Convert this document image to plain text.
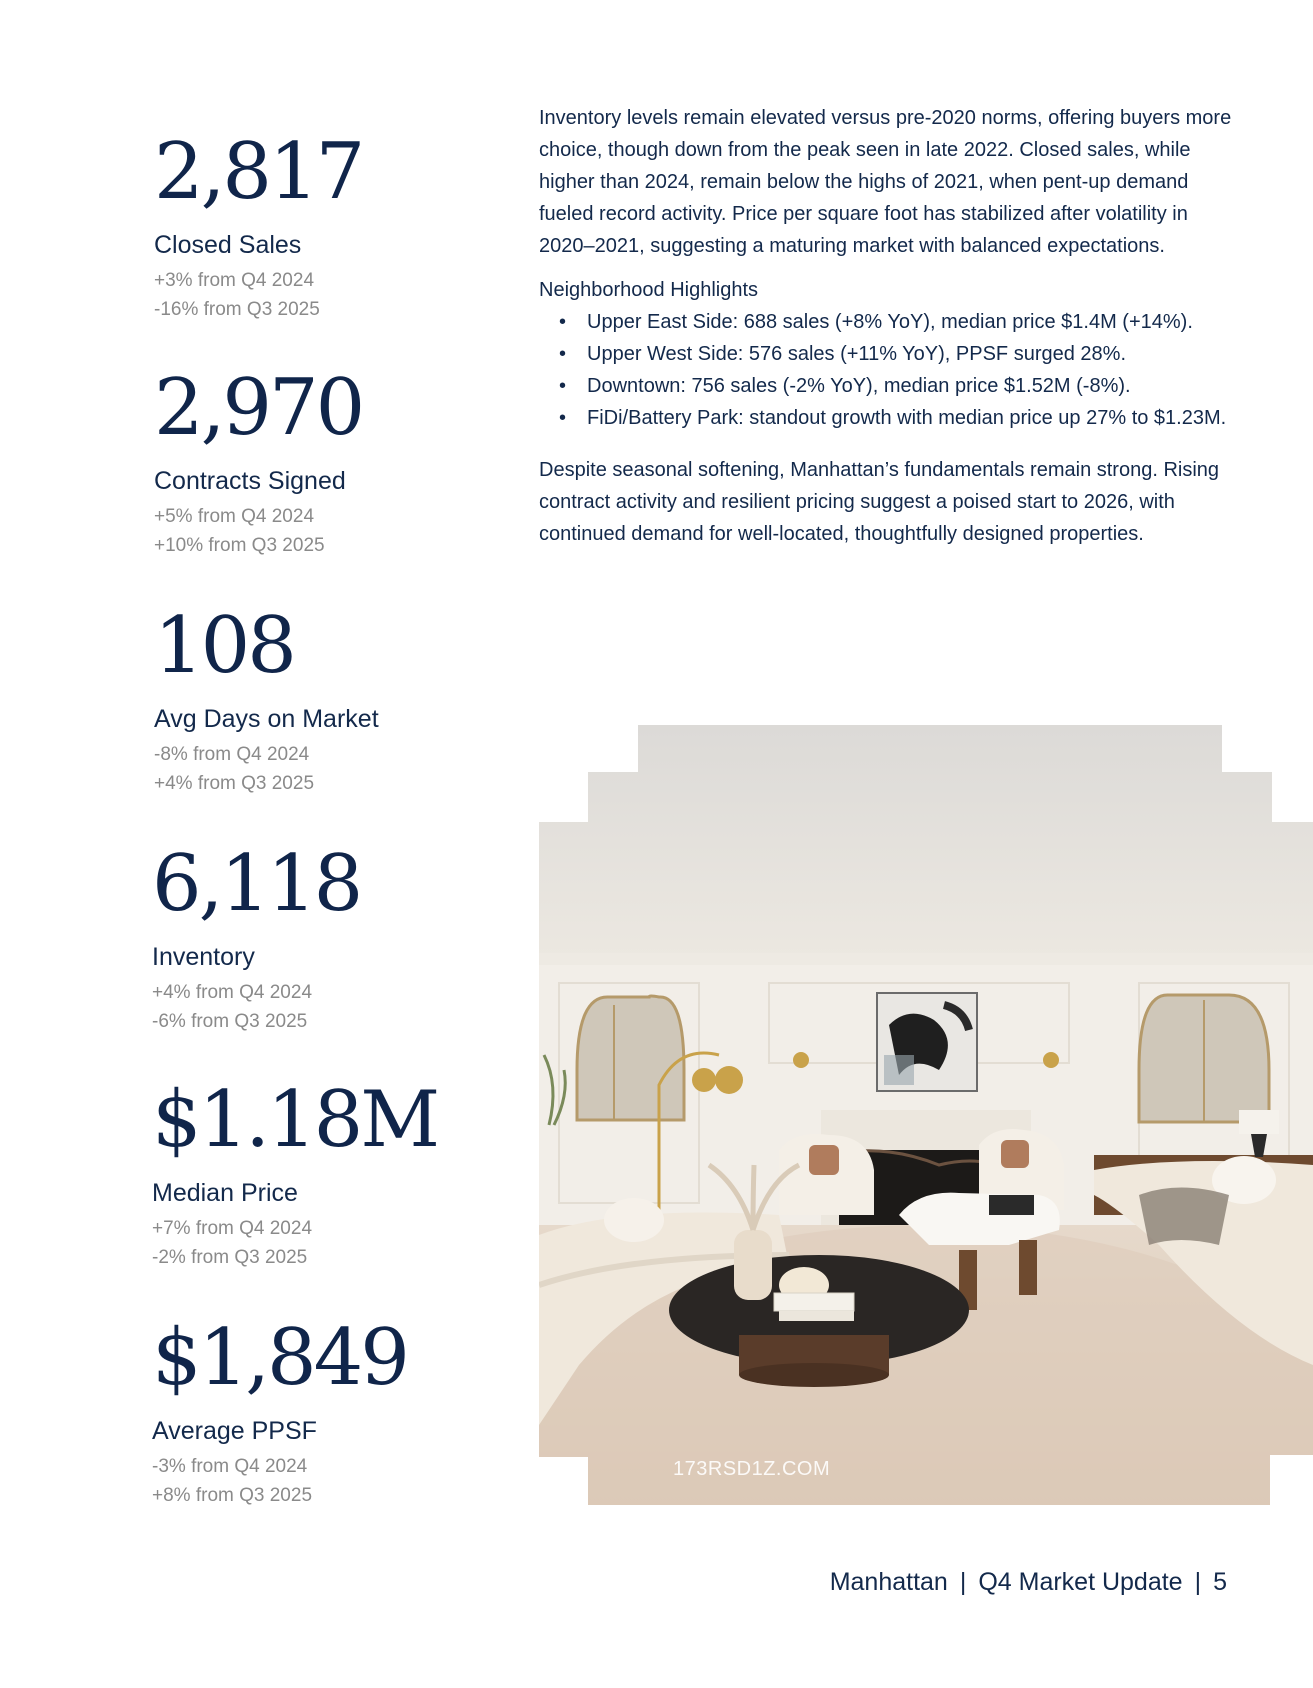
2,817
Closed Sales
+3% from Q4 2024
-16% from Q3 2025
2,970
Contracts Signed
+5% from Q4 2024
+10% from Q3 2025
108
Avg Days on Market
-8% from Q4 2024
+4% from Q3 2025
6,118
Inventory
+4% from Q4 2024
-6% from Q3 2025
$1.18M
Median Price
+7% from Q4 2024
-2% from Q3 2025
$1,849
Average PPSF
-3% from Q4 2024
+8% from Q3 2025

Inventory levels remain elevated versus pre-2020 norms, offering buyers more choice, though down from the peak seen in late 2022. Closed sales, while higher than 2024, remain below the highs of 2021, when pent-up demand fueled record activity. Price per square foot has stabilized after volatility in 2020–2021, suggesting a maturing market with balanced expectations.

Neighborhood Highlights

• Upper East Side: 688 sales (+8% YoY), median price $1.4M (+14%).
• Upper West Side: 576 sales (+11% YoY), PPSF surged 28%.
• Downtown: 756 sales (-2% YoY), median price $1.52M (-8%).
• FiDi/Battery Park: standout growth with median price up 27% to $1.23M.

Despite seasonal softening, Manhattan’s fundamentals remain strong. Rising contract activity and resilient pricing suggest a poised start to 2026, with continued demand for well-located, thoughtfully designed properties.

173RSD1Z.COM
Manhattan | Q4 Market Update | 5
